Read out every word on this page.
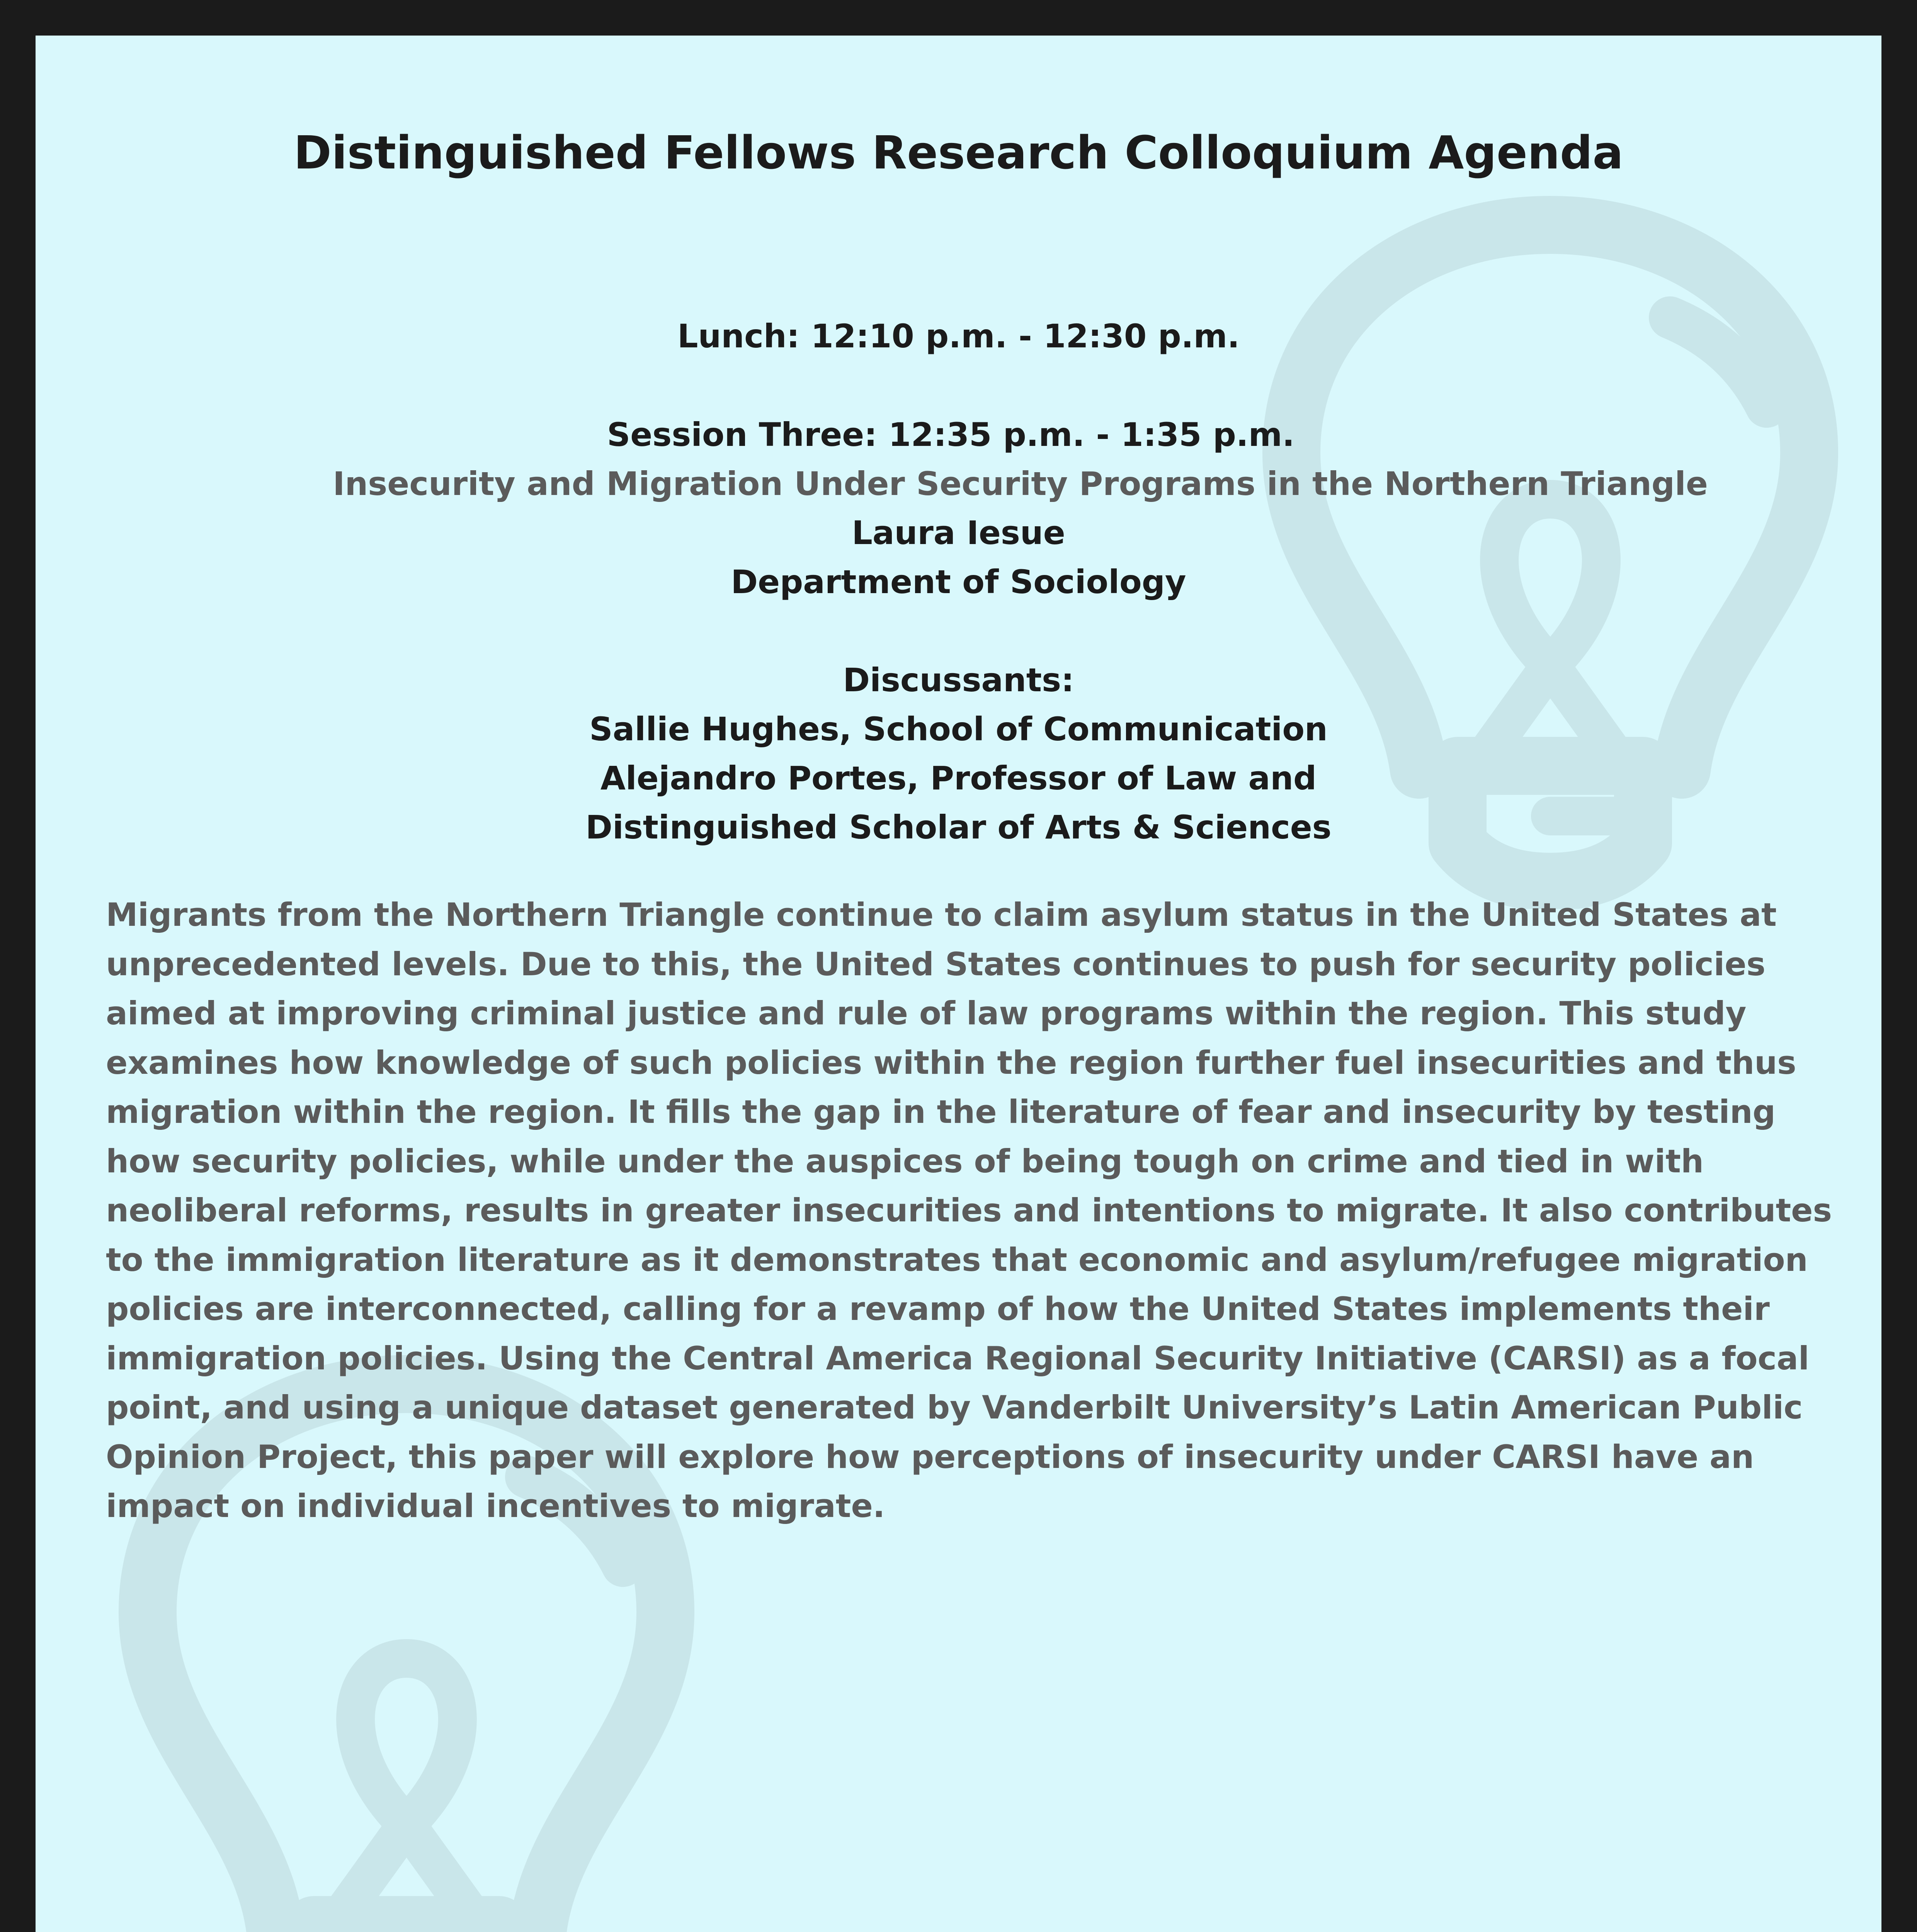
Distinguished Fellows Research Colloquium Agenda
Lunch: 12:10 p.m. - 12:30 p.m.
Session Three: 12:35 p.m. - 1:35 p.m.
Insecurity and Migration Under Security Programs in the Northern Triangle
Laura Iesue
Department of Sociology
Discussants:
Sallie Hughes, School of Communication
Alejandro Portes, Professor of Law and
Distinguished Scholar of Arts & Sciences
Migrants from the Northern Triangle continue to claim asylum status in the United States at
unprecedented levels. Due to this, the United States continues to push for security policies
aimed at improving criminal justice and rule of law programs within the region. This study
examines how knowledge of such policies within the region further fuel insecurities and thus
migration within the region. It fills the gap in the literature of fear and insecurity by testing
how security policies, while under the auspices of being tough on crime and tied in with
neoliberal reforms, results in greater insecurities and intentions to migrate. It also contributes
to the immigration literature as it demonstrates that economic and asylum/refugee migration
policies are interconnected, calling for a revamp of how the United States implements their
immigration policies. Using the Central America Regional Security Initiative (CARSI) as a focal
point, and using a unique dataset generated by Vanderbilt University’s Latin American Public
Opinion Project, this paper will explore how perceptions of insecurity under CARSI have an
impact on individual incentives to migrate.
